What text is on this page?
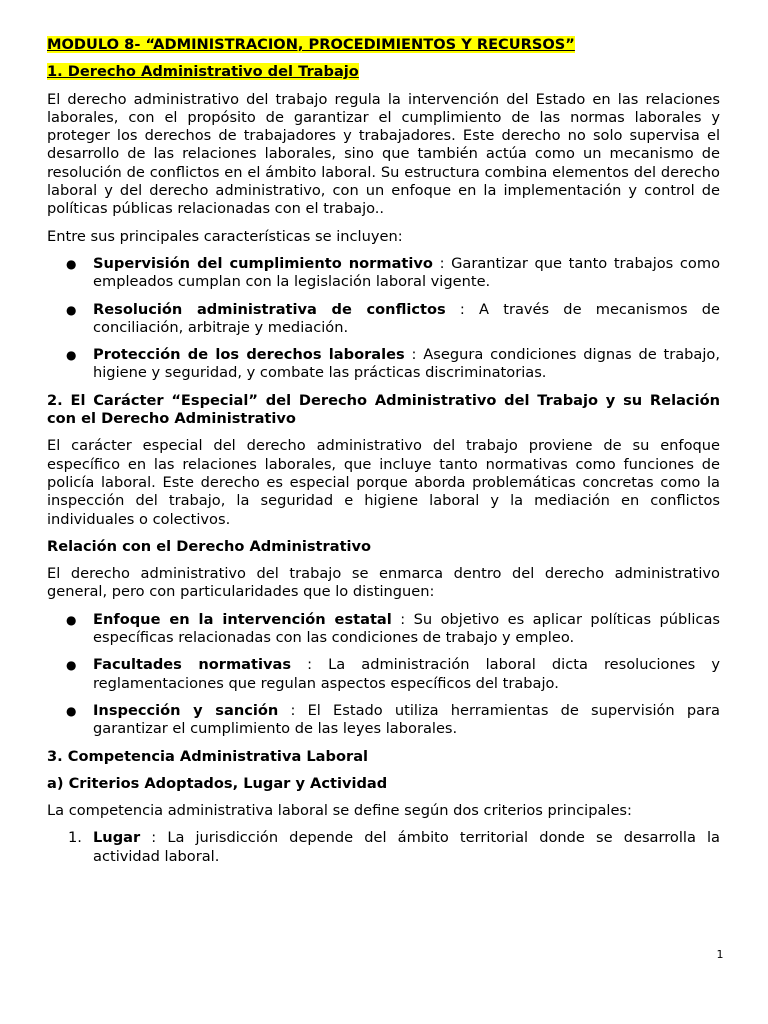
MODULO 8- “ADMINISTRACION, PROCEDIMIENTOS Y RECURSOS”
1. Derecho Administrativo del Trabajo

El derecho administrativo del trabajo regula la intervención del Estado en las relaciones laborales, con el propósito de garantizar el cumplimiento de las normas laborales y proteger los derechos de trabajadores y trabajadores. Este derecho no solo supervisa el desarrollo de las relaciones laborales, sino que también actúa como un mecanismo de resolución de conflictos en el ámbito laboral. Su estructura combina elementos del derecho laboral y del derecho administrativo, con un enfoque en la implementación y control de políticas públicas relacionadas con el trabajo..

Entre sus principales características se incluyen:

● Supervisión del cumplimiento normativo : Garantizar que tanto trabajos como empleados cumplan con la legislación laboral vigente.
● Resolución administrativa de conflictos : A través de mecanismos de conciliación, arbitraje y mediación.
● Protección de los derechos laborales : Asegura condiciones dignas de trabajo, higiene y seguridad, y combate las prácticas discriminatorias.

2. El Carácter “Especial” del Derecho Administrativo del Trabajo y su Relación con el Derecho Administrativo

El carácter especial del derecho administrativo del trabajo proviene de su enfoque específico en las relaciones laborales, que incluye tanto normativas como funciones de policía laboral. Este derecho es especial porque aborda problemáticas concretas como la inspección del trabajo, la seguridad e higiene laboral y la mediación en conflictos individuales o colectivos.

Relación con el Derecho Administrativo

El derecho administrativo del trabajo se enmarca dentro del derecho administrativo general, pero con particularidades que lo distinguen:

● Enfoque en la intervención estatal : Su objetivo es aplicar políticas públicas específicas relacionadas con las condiciones de trabajo y empleo.
● Facultades normativas : La administración laboral dicta resoluciones y reglamentaciones que regulan aspectos específicos del trabajo.
● Inspección y sanción : El Estado utiliza herramientas de supervisión para garantizar el cumplimiento de las leyes laborales.
3. Competencia Administrativa Laboral
a) Criterios Adoptados, Lugar y Actividad

La competencia administrativa laboral se define según dos criterios principales:

1. Lugar : La jurisdicción depende del ámbito territorial donde se desarrolla la actividad laboral.
1
